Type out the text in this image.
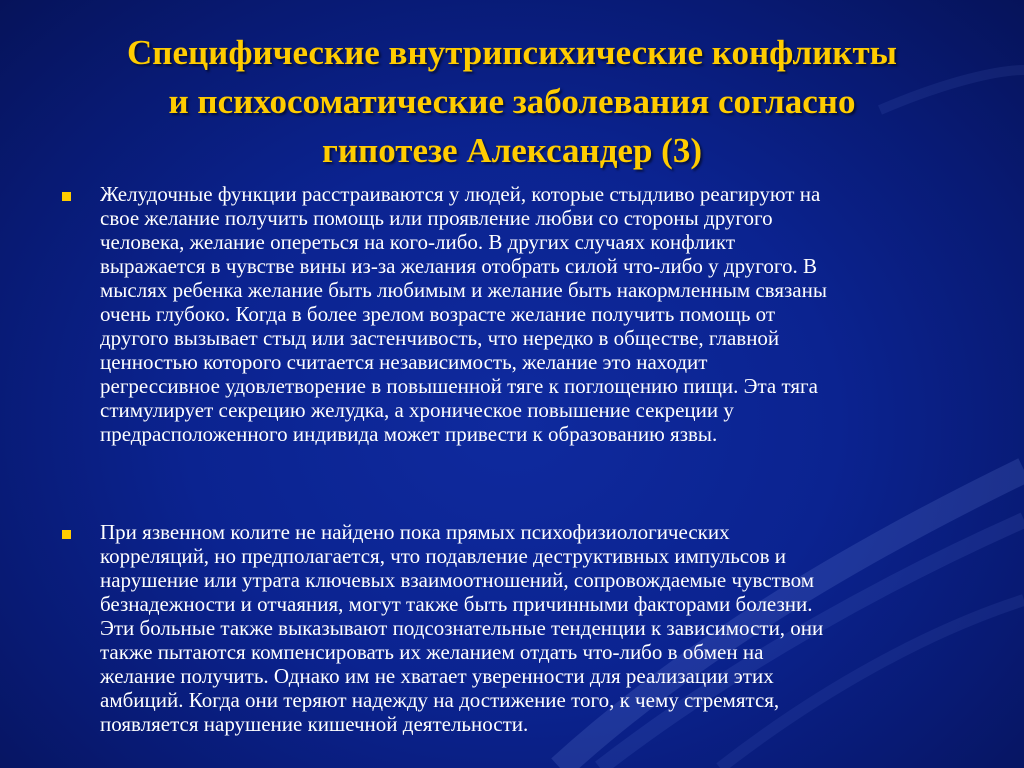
Специфические внутрипсихические конфликты
и психосоматические заболевания согласно
гипотезе Александер (3)

Желудочные функции расстраиваются у людей, которые стыдливо реагируют на
свое желание получить помощь или проявление любви со стороны другого
человека, желание опереться на кого-либо. В других случаях конфликт
выражается в чувстве вины из-за желания отобрать силой что-либо у другого. В
мыслях ребенка желание быть любимым и желание быть накормленным связаны
очень глубоко. Когда в более зрелом возрасте желание получить помощь от
другого вызывает стыд или застенчивость, что нередко в обществе, главной
ценностью которого считается независимость, желание это находит
регрессивное удовлетворение в повышенной тяге к поглощению пищи. Эта тяга
стимулирует секрецию желудка, а хроническое повышение секреции у
предрасположенного индивида может привести к образованию язвы.

При язвенном колите не найдено пока прямых психофизиологических
корреляций, но предполагается, что подавление деструктивных импульсов и
нарушение или утрата ключевых взаимоотношений, сопровождаемые чувством
безнадежности и отчаяния, могут также быть причинными факторами болезни.
Эти больные также выказывают подсознательные тенденции к зависимости, они
также пытаются компенсировать их желанием отдать что-либо в обмен на
желание получить. Однако им не хватает уверенности для реализации этих
амбиций. Когда они теряют надежду на достижение того, к чему стремятся,
появляется нарушение кишечной деятельности.
